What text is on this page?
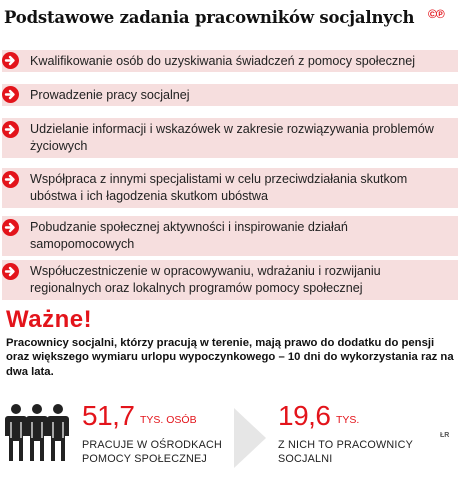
Podstawowe zadania pracowników socjalnych	©℗
Kwalifikowanie osób do uzyskiwania świadczeń z pomocy społecznej
Prowadzenie pracy socjalnej
Udzielanie informacji i wskazówek w zakresie rozwiązywania problemów życiowych
Współpraca z innymi specjalistami w celu przeciwdziałania skutkom ubóstwa i ich łagodzenia skutkom ubóstwa
Pobudzanie społecznej aktywności i inspirowanie działań samopomocowych
Współuczestniczenie w opracowywaniu, wdrażaniu i rozwijaniu regionalnych oraz lokalnych programów pomocy społecznej
Ważne!
Pracownicy socjalni, którzy pracują w terenie, mają prawo do dodatku do pensji oraz większego wymiaru urlopu wypoczynkowego – 10 dni do wykorzystania raz na dwa lata.
51,7 TYS. OSÓB
PRACUJE W OŚRODKACH POMOCY SPOŁECZNEJ
19,6 TYS.
Z NICH TO PRACOWNICY SOCJALNI
ŁR
